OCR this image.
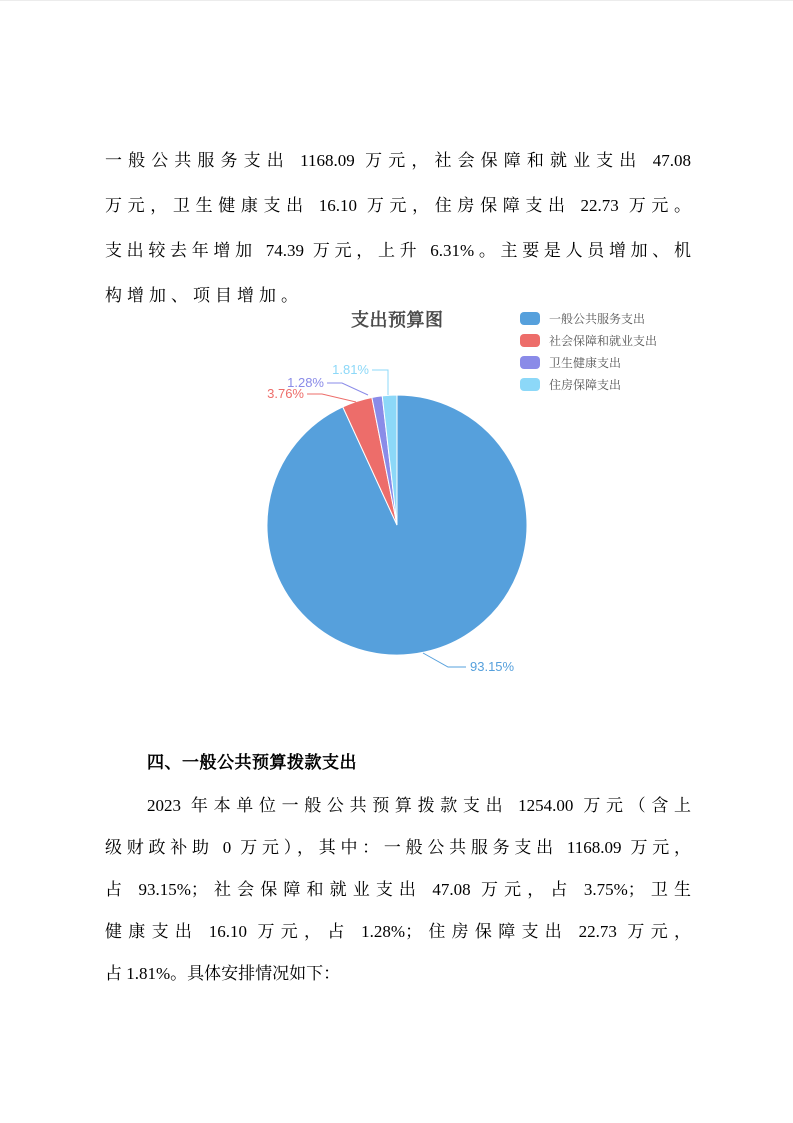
一般公共服务支出 1168.09 万元，社会保障和就业支出 47.08
万元，卫生健康支出 16.10 万元，住房保障支出 22.73 万元。
支出较去年增加 74.39 万元，上升 6.31%。主要是人员增加、机
构增加、项目增加。
支出预算图	一般公共服务支出
社会保障和就业支出
卫生健康支出
住房保障支出
93.15%
3.76%
1.28%
1.81%
四、一般公共预算拨款支出
2023 年本单位一般公共预算拨款支出 1254.00 万元（含上
级财政补助 0 万元），其中：一般公共服务支出 1168.09 万元，
占 93.15%；社会保障和就业支出 47.08 万元，占 3.75%；卫生
健康支出 16.10 万元，占 1.28%；住房保障支出 22.73 万元，
占 1.81%。具体安排情况如下：
